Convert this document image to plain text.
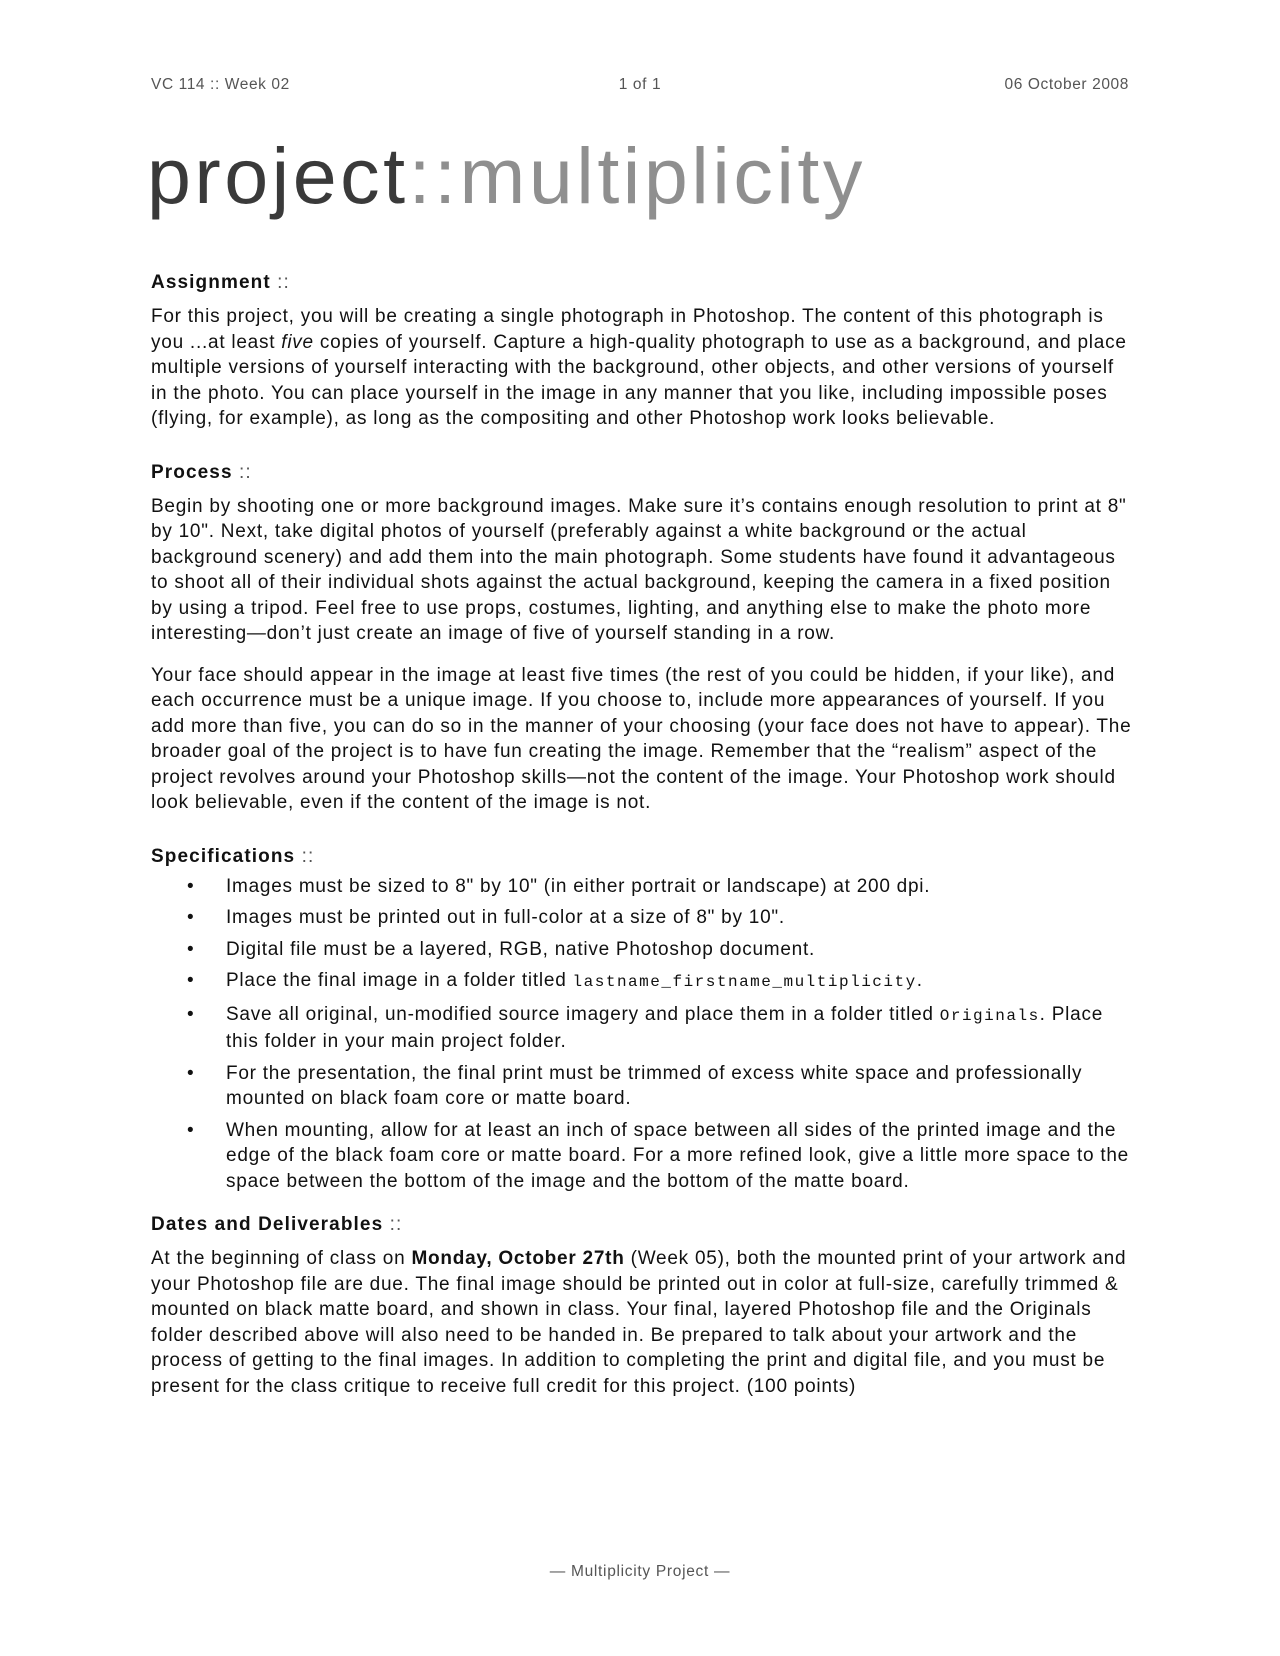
VC 114 :: Week 02	1 of 1	06 October 2008
project::multiplicity
Assignment ::

For this project, you will be creating a single photograph in Photoshop. The content of this photograph is you ...at least five copies of yourself. Capture a high-quality photograph to use as a background, and place multiple versions of yourself interacting with the background, other objects, and other versions of yourself in the photo. You can place yourself in the image in any manner that you like, including impossible poses (flying, for example), as long as the compositing and other Photoshop work looks believable.

Process ::

Begin by shooting one or more background images. Make sure it’s contains enough resolution to print at 8" by 10". Next, take digital photos of yourself (preferably against a white background or the actual background scenery) and add them into the main photograph. Some students have found it advantageous to shoot all of their individual shots against the actual background, keeping the camera in a fixed position by using a tripod. Feel free to use props, costumes, lighting, and anything else to make the photo more interesting—don’t just create an image of five of yourself standing in a row.

Your face should appear in the image at least five times (the rest of you could be hidden, if your like), and each occurrence must be a unique image. If you choose to, include more appearances of yourself. If you add more than five, you can do so in the manner of your choosing (your face does not have to appear). The broader goal of the project is to have fun creating the image. Remember that the “realism” aspect of the project revolves around your Photoshop skills—not the content of the image. Your Photoshop work should look believable, even if the content of the image is not.

Specifications ::
• Images must be sized to 8" by 10" (in either portrait or landscape) at 200 dpi.
• Images must be printed out in full-color at a size of 8" by 10".
• Digital file must be a layered, RGB, native Photoshop document.
• Place the final image in a folder titled lastname_firstname_multiplicity.
• Save all original, un-modified source imagery and place them in a folder titled Originals. Place this folder in your main project folder.
• For the presentation, the final print must be trimmed of excess white space and professionally mounted on black foam core or matte board.
• When mounting, allow for at least an inch of space between all sides of the printed image and the edge of the black foam core or matte board. For a more refined look, give a little more space to the space between the bottom of the image and the bottom of the matte board.
Dates and Deliverables ::

At the beginning of class on Monday, October 27th (Week 05), both the mounted print of your artwork and your Photoshop file are due. The final image should be printed out in color at full-size, carefully trimmed & mounted on black matte board, and shown in class. Your final, layered Photoshop file and the Originals folder described above will also need to be handed in. Be prepared to talk about your artwork and the process of getting to the final images. In addition to completing the print and digital file, and you must be present for the class critique to receive full credit for this project. (100 points)

— Multiplicity Project —
